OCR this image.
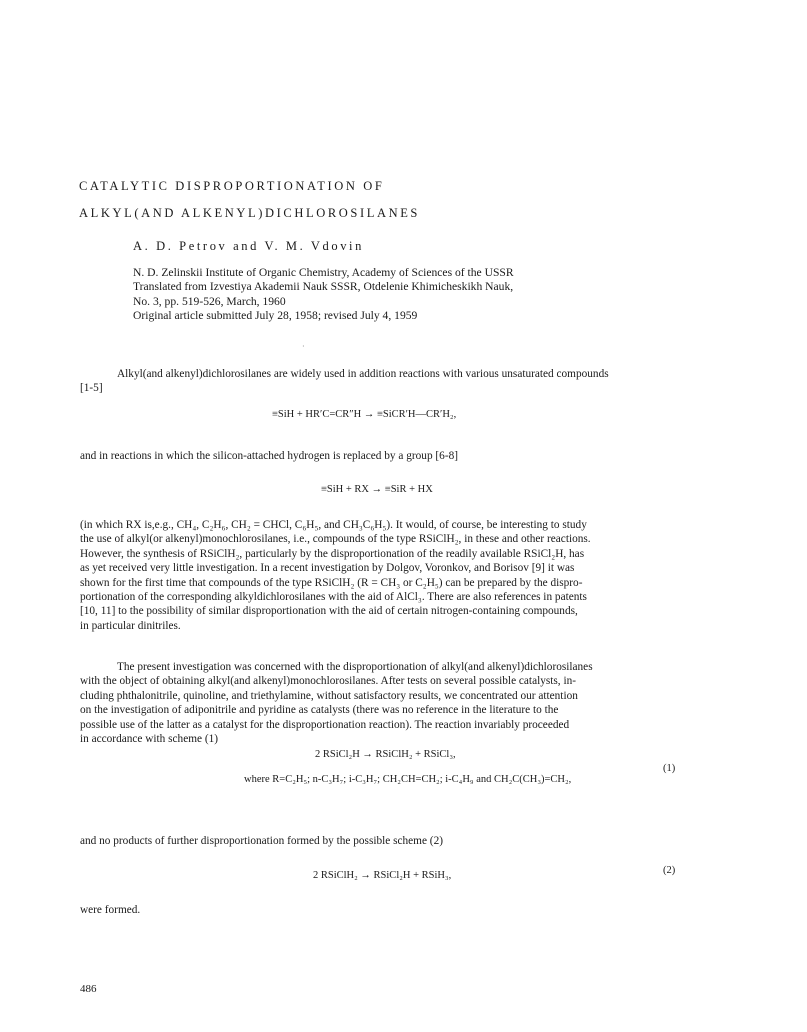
CATALYTIC DISPROPORTIONATION OF
ALKYL(AND ALKENYL)DICHLOROSILANES
A. D. Petrov and V. M. Vdovin
N. D. Zelinskii Institute of Organic Chemistry, Academy of Sciences of the USSR
Translated from Izvestiya Akademii Nauk SSSR, Otdelenie Khimicheskikh Nauk,
No. 3, pp. 519-526, March, 1960
Original article submitted July 28, 1958; revised July 4, 1959
·
Alkyl(and alkenyl)dichlorosilanes are widely used in addition reactions with various unsaturated compounds
[1-5]
≡SiH + HR′C=CR″H → ≡SiCR′H—CR′H₂,
and in reactions in which the silicon-attached hydrogen is replaced by a group [6-8]
≡SiH + RX → ≡SiR + HX
(in which RX is,e.g., CH₄, C₂H₆, CH₂ = CHCl, C₆H₅, and CH₃C₆H₅). It would, of course, be interesting to study
the use of alkyl(or alkenyl)monochlorosilanes, i.e., compounds of the type RSiClH₂, in these and other reactions.
However, the synthesis of RSiClH₂, particularly by the disproportionation of the readily available RSiCl₂H, has
as yet received very little investigation. In a recent investigation by Dolgov, Voronkov, and Borisov [9] it was
shown for the first time that compounds of the type RSiClH₂ (R = CH₃ or C₂H₅) can be prepared by the dispro-
portionation of the corresponding alkyldichlorosilanes with the aid of AlCl₃. There are also references in patents
[10, 11] to the possibility of similar disproportionation with the aid of certain nitrogen-containing compounds,
in particular dinitriles.
The present investigation was concerned with the disproportionation of alkyl(and alkenyl)dichlorosilanes
with the object of obtaining alkyl(and alkenyl)monochlorosilanes. After tests on several possible catalysts, in-
cluding phthalonitrile, quinoline, and triethylamine, without satisfactory results, we concentrated our attention
on the investigation of adiponitrile and pyridine as catalysts (there was no reference in the literature to the
possible use of the latter as a catalyst for the disproportionation reaction). The reaction invariably proceeded
in accordance with scheme (1)
2 RSiCl₂H → RSiClH₂ + RSiCl₃,
where R=C₂H₅; n-C₃H₇; i-C₃H₇; CH₂CH=CH₂; i-C₄H₉ and CH₂C(CH₃)=CH₂,
(1)
and no products of further disproportionation formed by the possible scheme (2)
2 RSiClH₂ → RSiCl₂H + RSiH₃,	(2)
were formed.
486
